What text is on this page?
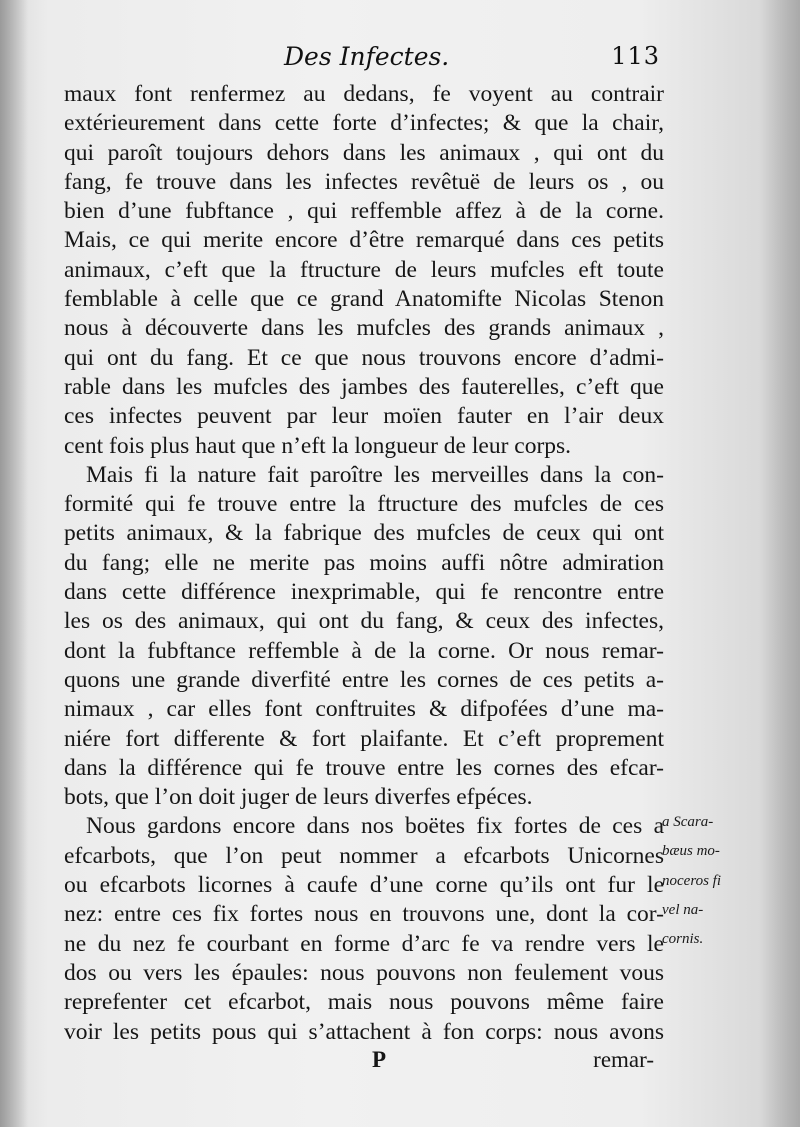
Des Infectes.	113
maux font renfermez au dedans, fe voyent au contrair
extérieurement dans cette forte d’infectes; & que la chair,
qui paroît toujours dehors dans les animaux , qui ont du
fang, fe trouve dans les infectes revêtuë de leurs os , ou
bien d’une fubftance , qui reffemble affez à de la corne.
Mais, ce qui merite encore d’être remarqué dans ces petits
animaux, c’eft que la ftructure de leurs mufcles eft toute
femblable à celle que ce grand Anatomifte Nicolas Stenon
nous à découverte dans les mufcles des grands animaux ,
qui ont du fang. Et ce que nous trouvons encore d’admi-
rable dans les mufcles des jambes des fauterelles, c’eft que
ces infectes peuvent par leur moïen fauter en l’air deux
cent fois plus haut que n’eft la longueur de leur corps.
Mais fi la nature fait paroître les merveilles dans la con-
formité qui fe trouve entre la ftructure des mufcles de ces
petits animaux, & la fabrique des mufcles de ceux qui ont
du fang; elle ne merite pas moins auffi nôtre admiration
dans cette différence inexprimable, qui fe rencontre entre
les os des animaux, qui ont du fang, & ceux des infectes,
dont la fubftance reffemble à de la corne. Or nous remar-
quons une grande diverfité entre les cornes de ces petits a-
nimaux , car elles font conftruites & difpofées d’une ma-
niére fort differente & fort plaifante. Et c’eft proprement
dans la différence qui fe trouve entre les cornes des efcar-
bots, que l’on doit juger de leurs diverfes efpéces.
Nous gardons encore dans nos boëtes fix fortes de ces a
efcarbots, que l’on peut nommer a efcarbots Unicornes
ou efcarbots licornes à caufe d’une corne qu’ils ont fur le
nez: entre ces fix fortes nous en trouvons une, dont la cor-
ne du nez fe courbant en forme d’arc fe va rendre vers le
dos ou vers les épaules: nous pouvons non feulement vous
reprefenter cet efcarbot, mais nous pouvons même faire
voir les petits pous qui s’attachent à fon corps: nous avons
a Scara-
bæus mo-
noceros fi
vel na-
cornis.
P	remar-
